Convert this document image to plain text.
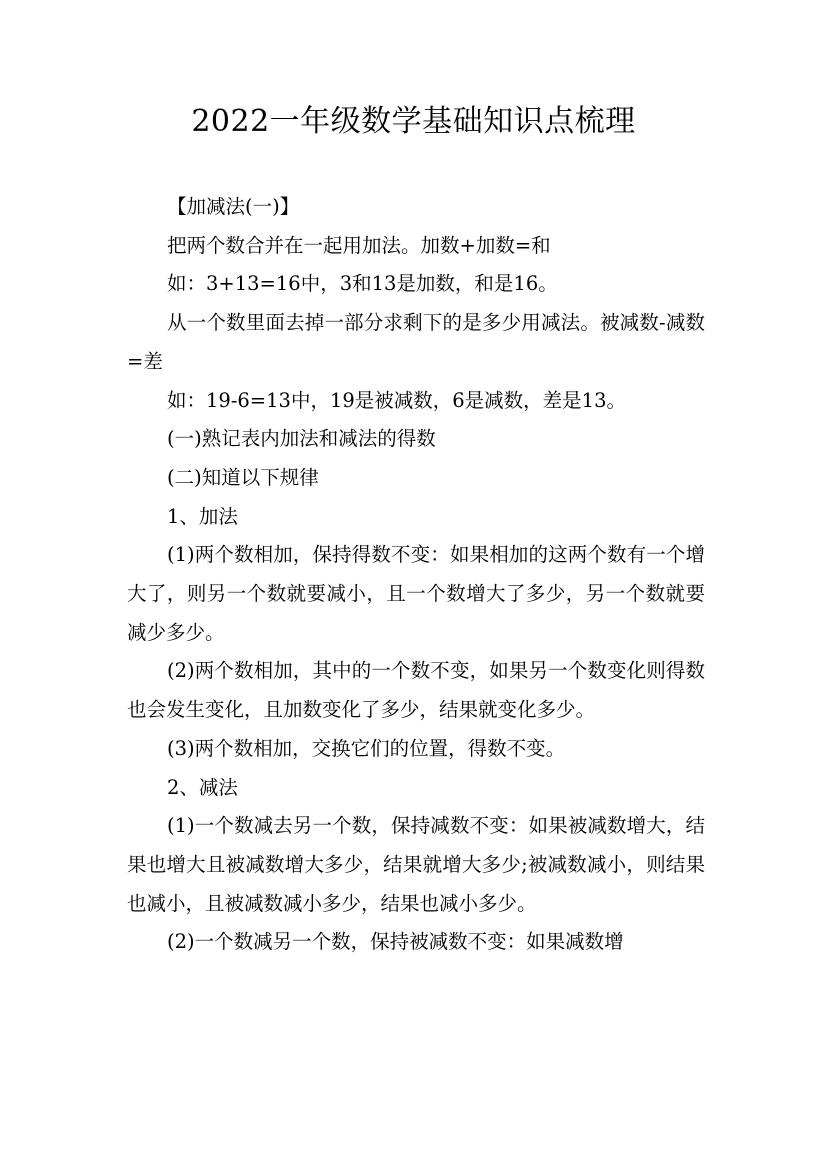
2022一年级数学基础知识点梳理

【加减法(一)】

把两个数合并在一起用加法。加数+加数=和

如：3+13=16中，3和13是加数，和是16。

从一个数里面去掉一部分求剩下的是多少用减法。被减数-减数=差

如：19-6=13中，19是被减数，6是减数，差是13。

(一)熟记表内加法和减法的得数

(二)知道以下规律

1、加法

(1)两个数相加，保持得数不变：如果相加的这两个数有一个增大了，则另一个数就要减小，且一个数增大了多少，另一个数就要减少多少。

(2)两个数相加，其中的一个数不变，如果另一个数变化则得数也会发生变化，且加数变化了多少，结果就变化多少。

(3)两个数相加，交换它们的位置，得数不变。

2、减法

(1)一个数减去另一个数，保持减数不变：如果被减数增大，结果也增大且被减数增大多少，结果就增大多少;被减数减小，则结果也减小，且被减数减小多少，结果也减小多少。

(2)一个数减另一个数，保持被减数不变：如果减数增
